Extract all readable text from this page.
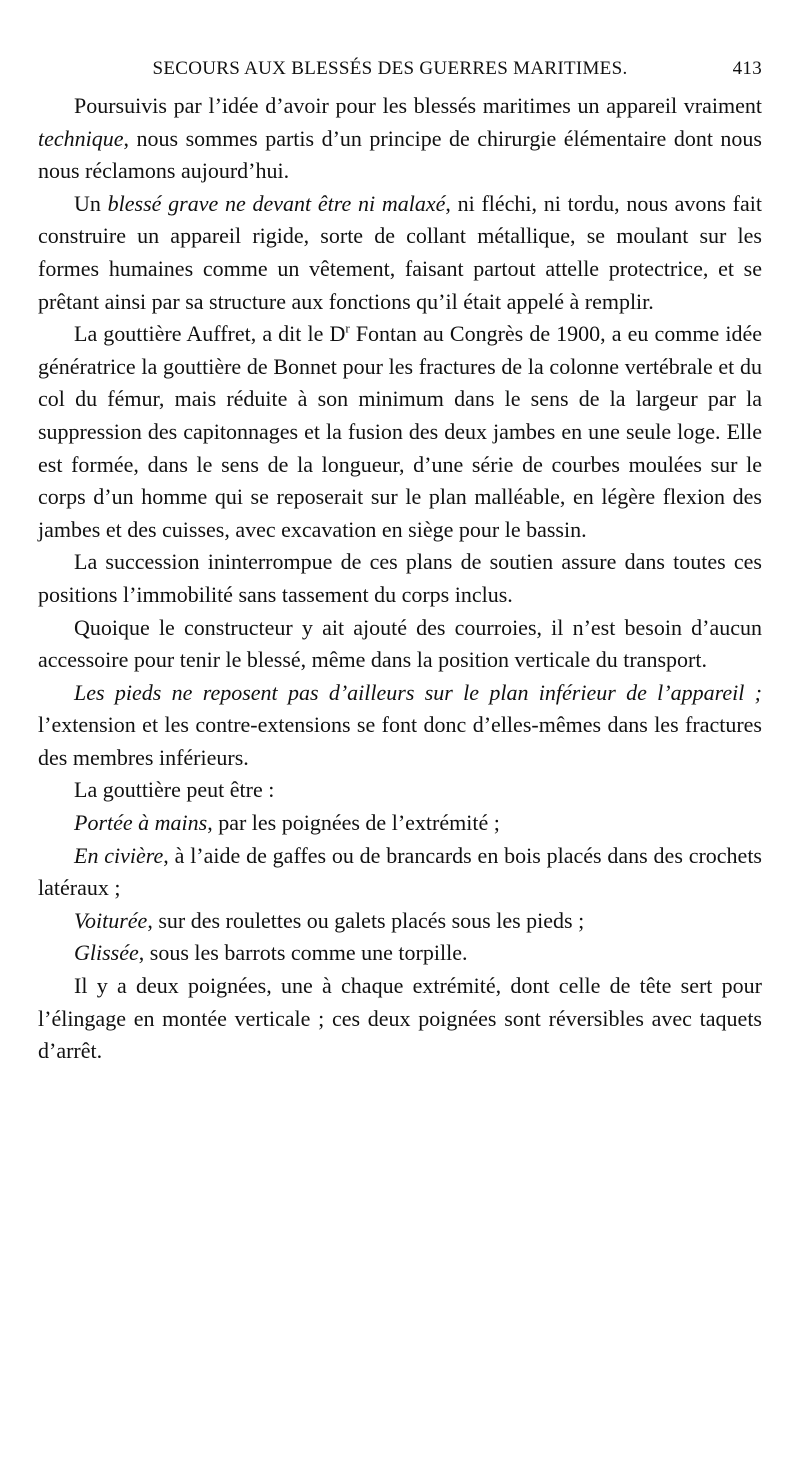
SECOURS AUX BLESSÉS DES GUERRES MARITIMES.	413

Poursuivis par l’idée d’avoir pour les blessés maritimes un appareil vraiment technique, nous sommes partis d’un principe de chirurgie élémentaire dont nous nous réclamons aujourd’hui.

Un blessé grave ne devant être ni malaxé, ni fléchi, ni tordu, nous avons fait construire un appareil rigide, sorte de collant métallique, se moulant sur les formes humaines comme un vêtement, faisant partout attelle protectrice, et se prêtant ainsi par sa structure aux fonctions qu’il était appelé à remplir.

La gouttière Auffret, a dit le $D^r$ Fontan au Congrès de 1900, a eu comme idée génératrice la gouttière de Bonnet pour les fractures de la colonne vertébrale et du col du fémur, mais réduite à son minimum dans le sens de la largeur par la suppression des capitonnages et la fusion des deux jambes en une seule loge. Elle est formée, dans le sens de la longueur, d’une série de courbes moulées sur le corps d’un homme qui se reposerait sur le plan malléable, en légère flexion des jambes et des cuisses, avec excavation en siège pour le bassin.

La succession ininterrompue de ces plans de soutien assure dans toutes ces positions l’immobilité sans tassement du corps inclus.

Quoique le constructeur y ait ajouté des courroies, il n’est besoin d’aucun accessoire pour tenir le blessé, même dans la position verticale du transport.

Les pieds ne reposent pas d’ailleurs sur le plan inférieur de l’appareil ; l’extension et les contre-extensions se font donc d’elles-mêmes dans les fractures des membres inférieurs.

La gouttière peut être :

Portée à mains, par les poignées de l’extrémité ;

En civière, à l’aide de gaffes ou de brancards en bois placés dans des crochets latéraux ;

Voiturée, sur des roulettes ou galets placés sous les pieds ;

Glissée, sous les barrots comme une torpille.

Il y a deux poignées, une à chaque extrémité, dont celle de tête sert pour l’élingage en montée verticale ; ces deux poignées sont réversibles avec taquets d’arrêt.
